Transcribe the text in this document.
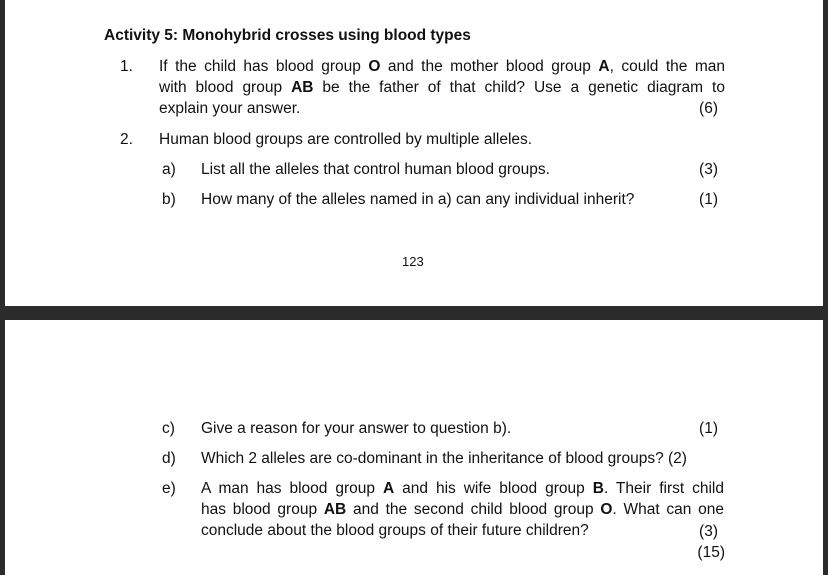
Activity 5: Monohybrid crosses using blood types
1. If the child has blood group O and the mother blood group A, could the man
with blood group AB be the father of that child? Use a genetic diagram to
explain your answer.	(6)
2. Human blood groups are controlled by multiple alleles.
a) List all the alleles that control human blood groups.	(3)
b) How many of the alleles named in a) can any individual inherit?	(1)
123
c) Give a reason for your answer to question b).	(1)
d) Which 2 alleles are co-dominant in the inheritance of blood groups? (2)
e) A man has blood group A and his wife blood group B. Their first child
has blood group AB and the second child blood group O. What can one
conclude about the blood groups of their future children?	(3)
(15)
